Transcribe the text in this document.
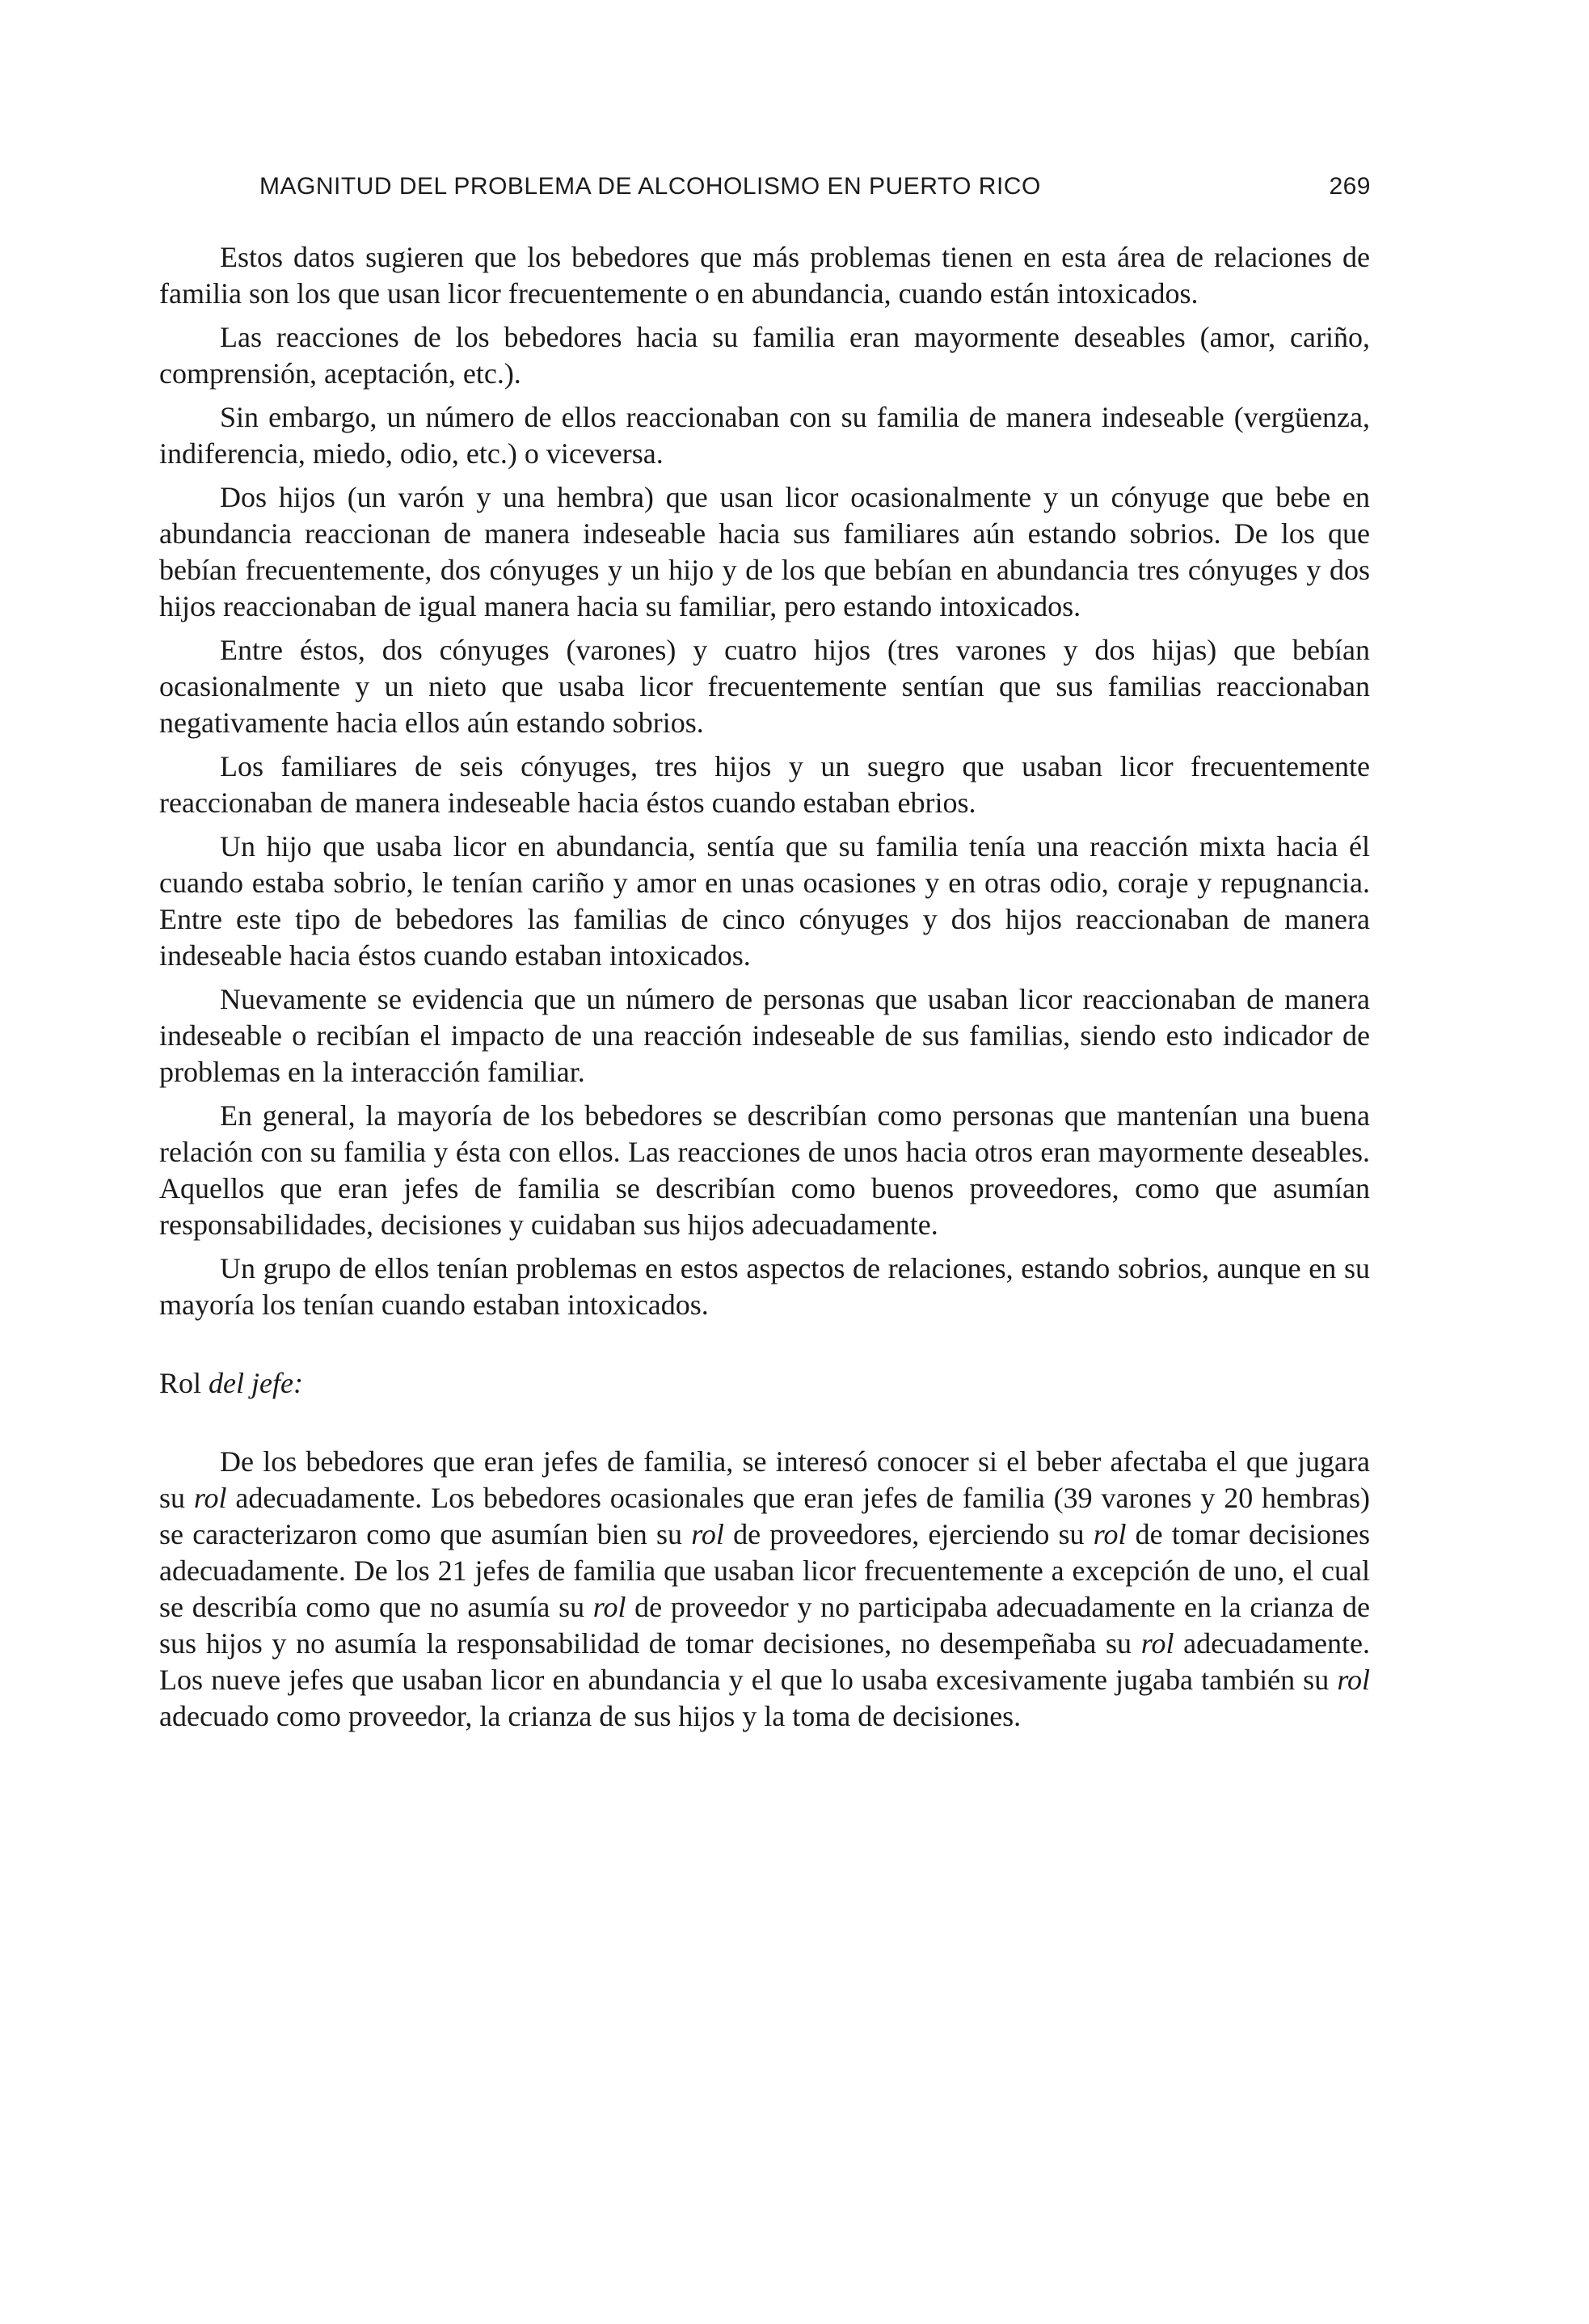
MAGNITUD DEL PROBLEMA DE ALCOHOLISMO EN PUERTO RICO	269

Estos datos sugieren que los bebedores que más problemas tienen en esta área de relaciones de familia son los que usan licor frecuentemente o en abundancia, cuando están intoxicados.

Las reacciones de los bebedores hacia su familia eran mayormente deseables (amor, cariño, comprensión, aceptación, etc.).

Sin embargo, un número de ellos reaccionaban con su familia de manera indeseable (vergüenza, indiferencia, miedo, odio, etc.) o viceversa.

Dos hijos (un varón y una hembra) que usan licor ocasionalmente y un cónyuge que bebe en abundancia reaccionan de manera indeseable hacia sus familiares aún estando sobrios. De los que bebían frecuentemente, dos cónyuges y un hijo y de los que bebían en abundancia tres cónyuges y dos hijos reaccionaban de igual manera hacia su familiar, pero estando intoxicados.

Entre éstos, dos cónyuges (varones) y cuatro hijos (tres varones y dos hijas) que bebían ocasionalmente y un nieto que usaba licor frecuentemente sentían que sus familias reaccionaban negativamente hacia ellos aún estando sobrios.

Los familiares de seis cónyuges, tres hijos y un suegro que usaban licor frecuentemente reaccionaban de manera indeseable hacia éstos cuando estaban ebrios.

Un hijo que usaba licor en abundancia, sentía que su familia tenía una reacción mixta hacia él cuando estaba sobrio, le tenían cariño y amor en unas ocasiones y en otras odio, coraje y repugnancia. Entre este tipo de bebedores las familias de cinco cónyuges y dos hijos reaccionaban de manera indeseable hacia éstos cuando estaban intoxicados.

Nuevamente se evidencia que un número de personas que usaban licor reaccionaban de manera indeseable o recibían el impacto de una reacción indeseable de sus familias, siendo esto indicador de problemas en la interacción familiar.

En general, la mayoría de los bebedores se describían como personas que mantenían una buena relación con su familia y ésta con ellos. Las reacciones de unos hacia otros eran mayormente deseables. Aquellos que eran jefes de familia se describían como buenos proveedores, como que asumían responsabilidades, decisiones y cuidaban sus hijos adecuadamente.

Un grupo de ellos tenían problemas en estos aspectos de relaciones, estando sobrios, aunque en su mayoría los tenían cuando estaban intoxicados.

Rol del jefe:

De los bebedores que eran jefes de familia, se interesó conocer si el beber afectaba el que jugara su rol adecuadamente. Los bebedores ocasionales que eran jefes de familia (39 varones y 20 hembras) se caracterizaron como que asumían bien su rol de proveedores, ejerciendo su rol de tomar decisiones adecuadamente. De los 21 jefes de familia que usaban licor frecuentemente a excepción de uno, el cual se describía como que no asumía su rol de proveedor y no participaba adecuadamente en la crianza de sus hijos y no asumía la responsabilidad de tomar decisiones, no desempeñaba su rol adecuadamente. Los nueve jefes que usaban licor en abundancia y el que lo usaba excesivamente jugaba también su rol adecuado como proveedor, la crianza de sus hijos y la toma de decisiones.
